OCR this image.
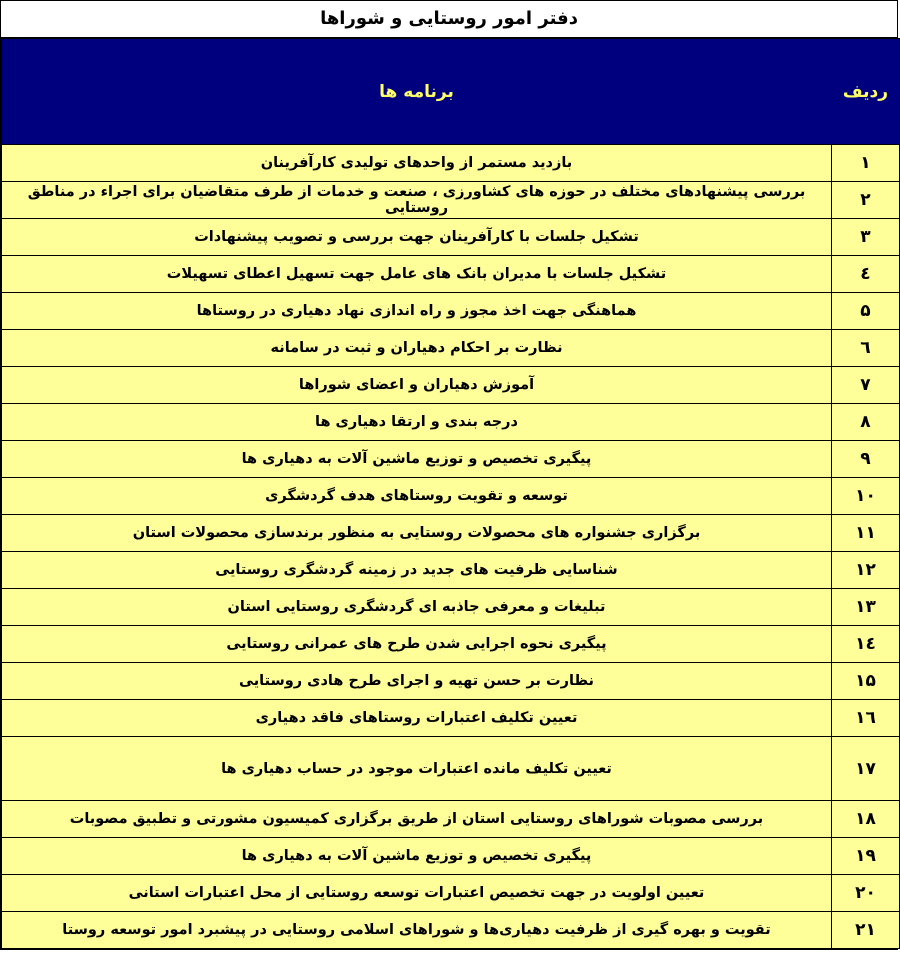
دفتر امور روستایی و شوراها
ردیف	برنامه ها
۱	بازدید مستمر از واحدهای تولیدی کارآفرینان
۲	بررسی پیشنهادهای مختلف در حوزه های کشاورزی ، صنعت و خدمات از طرف متقاضیان برای اجراء در مناطق روستایی
۳	تشکیل جلسات با کارآفرینان جهت بررسی و تصویب پیشنهادات
٤	تشکیل جلسات با مدیران بانک های عامل جهت تسهیل اعطای تسهیلات
۵	هماهنگی جهت اخذ مجوز و راه اندازی نهاد دهیاری در روستاها
٦	نظارت بر احکام دهیاران و ثبت در سامانه
۷	آموزش دهیاران و اعضای شوراها
۸	درجه بندی و ارتقا دهیاری ها
۹	پیگیری تخصیص و توزیع ماشین آلات به دهیاری ها
۱۰	توسعه و تقویت روستاهای هدف گردشگری
۱۱	برگزاری جشنواره های محصولات روستایی به منظور برندسازی محصولات استان
۱۲	شناسایی ظرفیت های جدید در زمینه گردشگری روستایی
۱۳	تبلیغات و معرفی جاذبه ای گردشگری روستایی استان
۱٤	پیگیری نحوه اجرایی شدن طرح های عمرانی روستایی
۱۵	نظارت بر حسن تهیه و اجرای طرح هادی روستایی
۱٦	تعیین تکلیف اعتبارات روستاهای فاقد دهیاری
۱۷	تعیین تکلیف مانده اعتبارات موجود در حساب دهیاری ها
۱۸	بررسی مصوبات شوراهای روستایی استان از طریق برگزاری کمیسیون مشورتی و تطبیق مصوبات
۱۹	پیگیری تخصیص و توزیع ماشین آلات به دهیاری ها
۲۰	تعیین اولویت در جهت تخصیص اعتبارات توسعه روستایی از محل اعتبارات استانی
۲۱	تقویت و بهره گیری از ظرفیت دهیاری‌ها و شوراهای اسلامی روستایی در پیشبرد امور توسعه روستا
